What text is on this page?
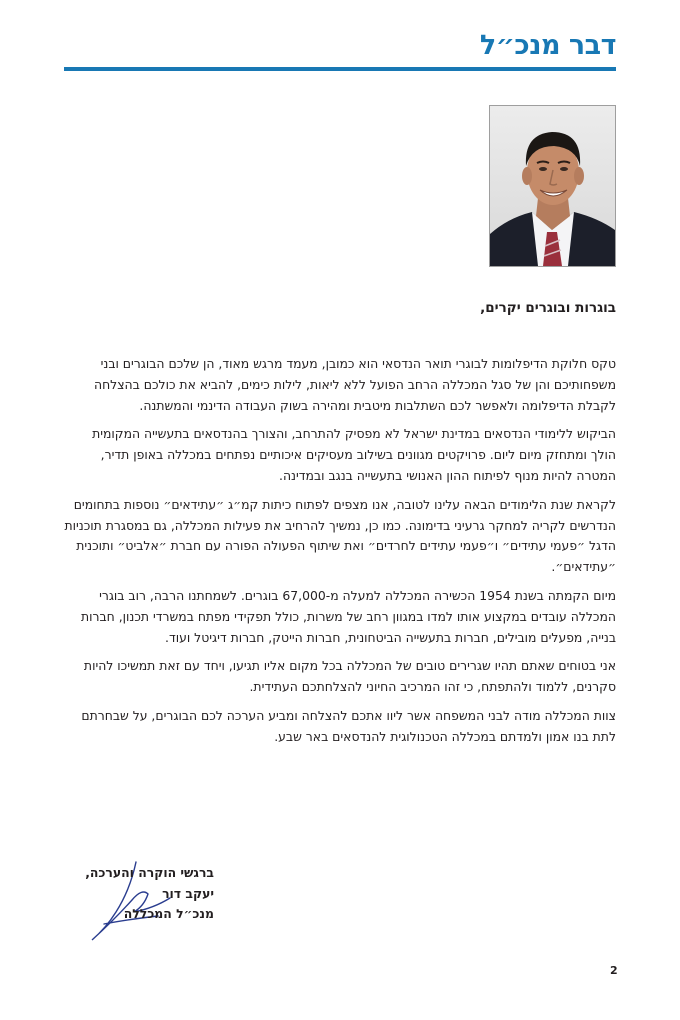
דבר מנכ״ל
בוגרות ובוגרים יקרים,

טקס חלוקת הדיפלומות לבוגרי תואר הנדסאי הוא כמובן, מעמד מרגש מאוד, הן שלכם הבוגרים ובני משפחותיכם והן של סגל המכללה הרחב הפועל ללא ליאות, לילות כימים, להביא את כולכם בהצלחה לקבלת הדיפלומה ולאפשר לכם השתלבות מיטבית ומהירה בשוק העבודה הדינמי והמשתנה.

הביקוש ללימודי הנדסאים במדינת ישראל לא מפסיק להתרחב, והצורך בהנדסאים בתעשייה המקומית הולך ומתחזק מיום ליום. פרויקטים מגוונים בשילוב מעסיקים איכותיים נפתחים במכללה באופן תדיר, המטרה להיות מנוף לפיתוח ההון האנושי בתעשייה בנגב ובמדינה.

לקראת שנת הלימודים הבאה עלינו לטובה, אנו מצפים לפתוח כיתות קמ״ג ״עתידאים״ נוספות בתחומים הנדרשים לקריה למחקר גרעיני בדימונה. כמו כן, נמשיך להרחיב את פעילות המכללה, גם במסגרת תוכניות הדגל ״פעמי עתידים״ ו״פעמי עתידים לחרדים״ ואת שיתוף הפעולה הפורה עם חברת ״אלביט״ ותוכנית ״עתידאים״.

מיום הקמתה בשנת 1954 הכשירה המכללה למעלה מ-67,000 בוגרים. לשמחתנו הרבה, רוב בוגרי המכללה עובדים במקצוע אותו למדו במגוון רחב של משרות, כולל תפקידי מפתח במשרדי תכנון, חברות בנייה, מפעלים מובילים, חברות בתעשייה הביטחונית, חברות הייטק, חברות דיגיטל ועוד.

אני בטוחים שאתם תהיו שגרירים טובים של המכללה בכל מקום אליו תגיעו, ויחד עם זאת תמשיכו להיות סקרנים, ללמוד ולהתפתח, כי זהו המרכיב החיוני להצלחתכם העתידית.

צוות המכללה מודה לבני המשפחה אשר ליוו אתכם להצלחה ומביע הערכה לכם הבוגרים, על שבחרתם לתת בנו אמון ולמדתם במכללה הטכנולוגית להנדסאים באר שבע.

ברגשי הוקרה והערכה,
יעקב דור
מנכ״ל המכללה
2
